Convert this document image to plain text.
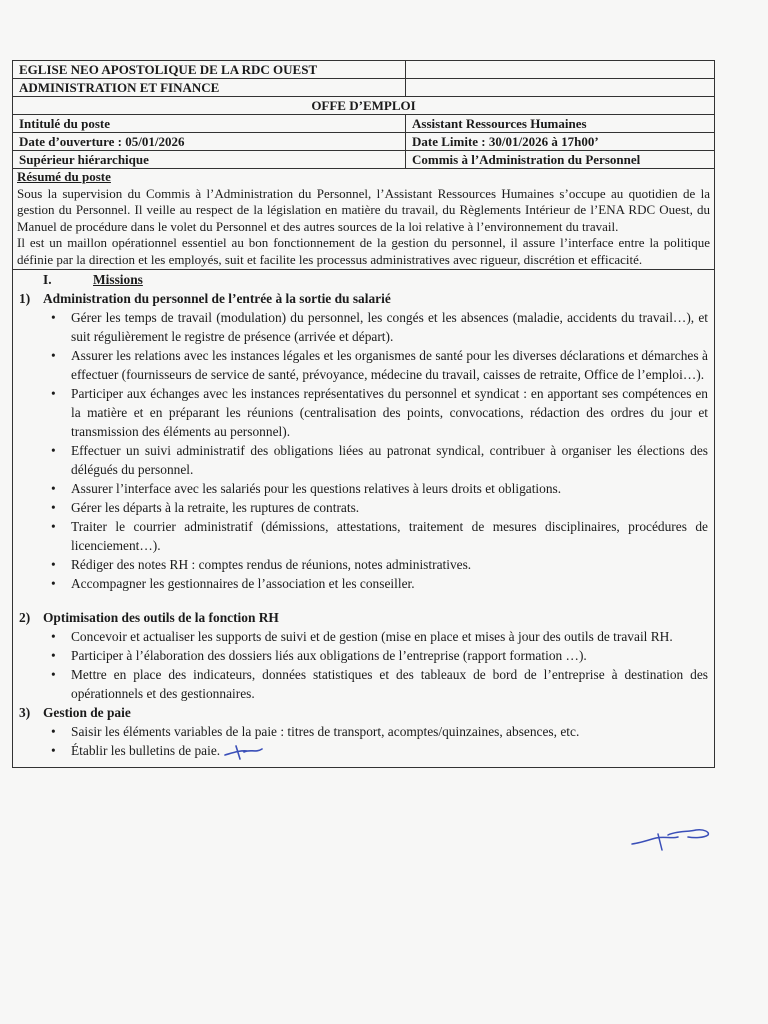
EGLISE NEO APOSTOLIQUE DE LA RDC OUEST
ADMINISTRATION ET FINANCE
OFFE D’EMPLOI
Intitulé du poste	Assistant Ressources Humaines
Date d’ouverture : 05/01/2026	Date Limite : 30/01/2026 à 17h00’
Supérieur hiérarchique	Commis à l’Administration du Personnel
Résumé du poste

Sous la supervision du Commis à l’Administration du Personnel, l’Assistant Ressources Humaines s’occupe au quotidien de la gestion du Personnel. Il veille au respect de la législation en matière du travail, du Règlements Intérieur de l’ENA RDC Ouest, du Manuel de procédure dans le volet du Personnel et des autres sources de la loi relative à l’environnement du travail.

Il est un maillon opérationnel essentiel au bon fonctionnement de la gestion du personnel, il assure l’interface entre la politique définie par la direction et les employés, suit et facilite les processus administratives avec rigueur, discrétion et efficacité.

I.	Missions
1) Administration du personnel de l’entrée à la sortie du salarié
• Gérer les temps de travail (modulation) du personnel, les congés et les absences (maladie, accidents du travail…), et suit régulièrement le registre de présence (arrivée et départ).
• Assurer les relations avec les instances légales et les organismes de santé pour les diverses déclarations et démarches à effectuer (fournisseurs de service de santé, prévoyance, médecine du travail, caisses de retraite, Office de l’emploi…).
• Participer aux échanges avec les instances représentatives du personnel et syndicat : en apportant ses compétences en la matière et en préparant les réunions (centralisation des points, convocations, rédaction des ordres du jour et transmission des éléments au personnel).
• Effectuer un suivi administratif des obligations liées au patronat syndical, contribuer à organiser les élections des délégués du personnel.
• Assurer l’interface avec les salariés pour les questions relatives à leurs droits et obligations.
• Gérer les départs à la retraite, les ruptures de contrats.
• Traiter le courrier administratif (démissions, attestations, traitement de mesures disciplinaires, procédures de licenciement…).
• Rédiger des notes RH : comptes rendus de réunions, notes administratives.
• Accompagner les gestionnaires de l’association et les conseiller.
2) Optimisation des outils de la fonction RH
• Concevoir et actualiser les supports de suivi et de gestion (mise en place et mises à jour des outils de travail RH.
• Participer à l’élaboration des dossiers liés aux obligations de l’entreprise (rapport formation …).
• Mettre en place des indicateurs, données statistiques et des tableaux de bord de l’entreprise à destination des opérationnels et des gestionnaires.
3) Gestion de paie
• Saisir les éléments variables de la paie : titres de transport, acomptes/quinzaines, absences, etc.
• Établir les bulletins de paie.
